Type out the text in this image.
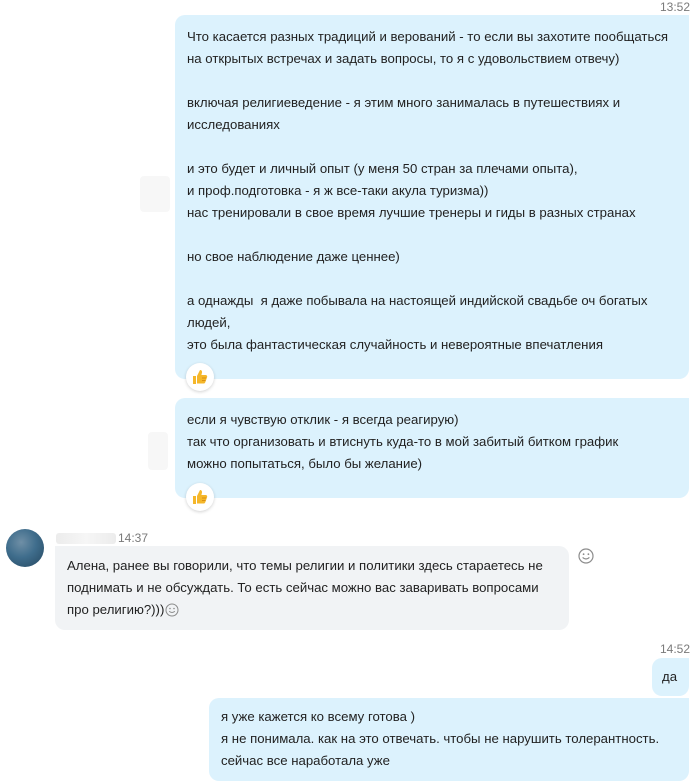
13:52
Что касается разных традиций и верований - то если вы захотите пообщаться
на открытых встречах и задать вопросы, то я с удовольствием отвечу)
включая религиеведение - я этим много занималась в путешествиях и
исследованиях
и это будет и личный опыт (у меня 50 стран за плечами опыта),
и проф.подготовка - я ж все-таки акула туризма))
нас тренировали в свое время лучшие тренеры и гиды в разных странах
но свое наблюдение даже ценнее)
а однажды  я даже побывала на настоящей индийской свадьбе оч богатых
людей,
это была фантастическая случайность и невероятные впечатления
если я чувствую отклик - я всегда реагирую)
так что организовать и втиснуть куда-то в мой забитый битком график
можно попытаться, было бы желание)
14:37
Алена, ранее вы говорили, что темы религии и политики здесь стараетесь не
поднимать и не обсуждать. То есть сейчас можно вас заваривать вопросами
про религию?)))
14:52
да
я уже кажется ко всему готова )
я не понимала. как на это отвечать. чтобы не нарушить толерантность.
сейчас все наработала уже
